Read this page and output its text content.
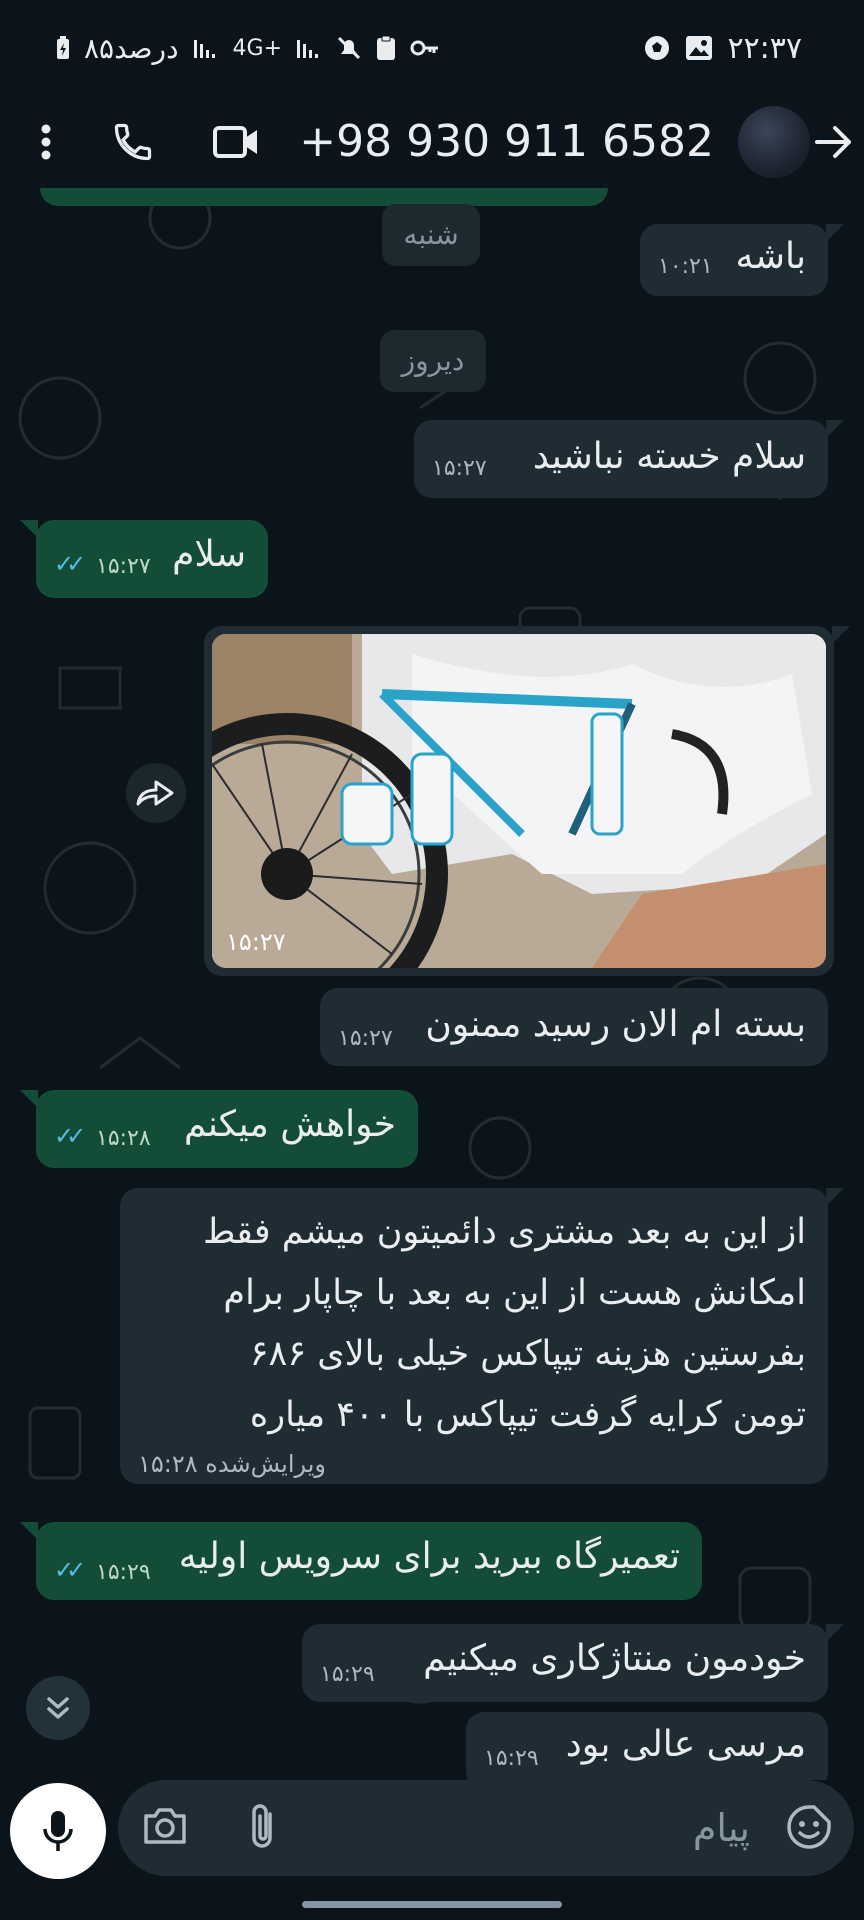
۸۵درصد 4G+	۲۲:۳۷
+98 930 911 6582
شنبه
باشه
۱۰:۲۱
دیروز
سلام خسته نباشید
۱۵:۲۷
سلام
۱۵:۲۷
✓✓
۱۵:۲۷
بسته ام الان رسید ممنون
۱۵:۲۷
خواهش میکنم
۱۵:۲۸
✓✓
از این به بعد مشتری دائمیتون میشم فقط امکانش هست از این به بعد با چاپار برام بفرستین هزینه تیپاکس خیلی بالای ۶۸۶ تومن کرایه گرفت تیپاکس با ۴۰۰ میاره
ویرایش‌شده ۱۵:۲۸
تعمیرگاه ببرید برای سرویس اولیه
۱۵:۲۹
✓✓
خودمون منتاژکاری میکنیم
۱۵:۲۹
مرسی عالی بود
۱۵:۲۹
پیام
